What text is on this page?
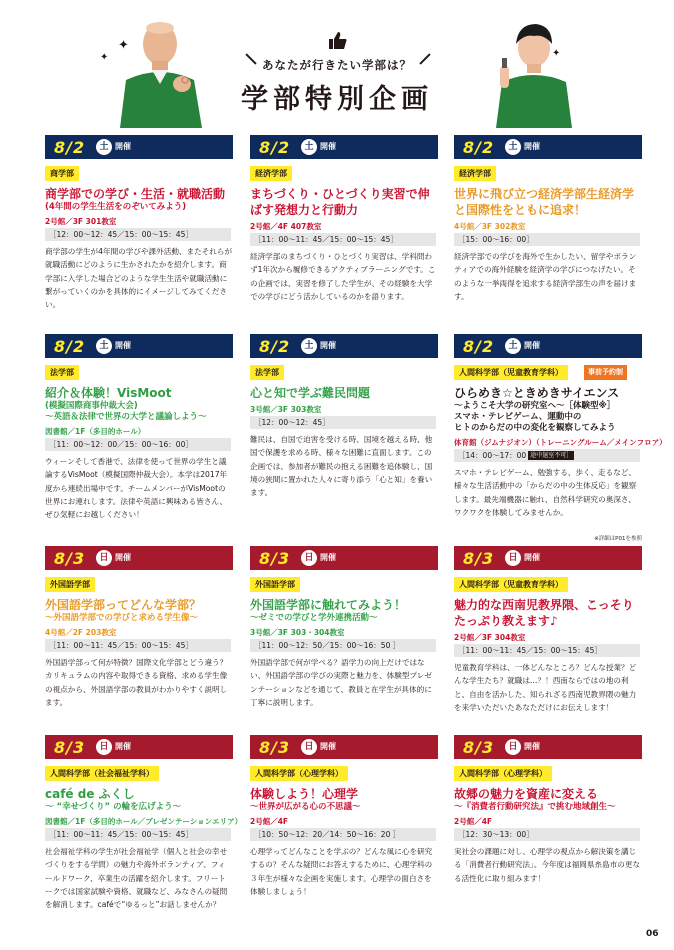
✦
✦	✦
あなたが行きたい学部は？
学部特別企画
8/2	土 開催
商学部
商学部での学び・生活・就職活動
(4年間の学生生活をのぞいてみよう)
2号館／3F 301教室
［12：00〜12：45／15：00〜15：45］
商学部の学生が4年間の学びや課外活動、またそれらが就職活動にどのように生かされたかを紹介します。商学部に入学した場合どのような学生生活や就職活動に繋がっていくのかを具体的にイメージしてみてください。
8/2	土 開催
経済学部
まちづくり・ひとづくり実習で伸ばす発想力と行動力
2号館／4F 407教室
［11：00〜11：45／15：00〜15：45］
経済学部のまちづくり・ひとづくり実習は、学科問わず1年次から履修できるアクティブラーニングです。この企画では、実習を修了した学生が、その経験を大学での学びにどう活かしているのかを語ります。
8/2	土 開催
経済学部
世界に飛び立つ経済学部生経済学と国際性をともに追求！
4号館／3F 302教室
［15：00〜16：00］
経済学部での学びを海外で生かしたい、留学やボランティアでの海外経験を経済学の学びにつなげたい。そのような一挙両得を追求する経済学部生の声を届けます。
8/2	土 開催
法学部
紹介＆体験！VisMoot
(模擬国際商事仲裁大会)
〜英語＆法律で世界の大学と議論しよう〜
図書館／1F（多目的ホール）
［11：00〜12：00／15：00〜16：00］
ウィーンそして香港で、法律を使って世界の学生と議論するVisMoot（模擬国際仲裁大会）。本学は2017年度から連続出場中です。チームメンバーがVisMootの世界にお連れします。法律や英語に興味ある皆さん、ぜひ気軽にお越しください！
8/2	土 開催
法学部
心と知で学ぶ難民問題
3号館／3F 303教室
［12：00〜12：45］
難民は、自国で迫害を受ける時、国境を越える時、他国で保護を求める時、様々な困難に直面します。この企画では、参加者が難民の抱える困難を追体験し、国境の狭間に置かれた人々に寄り添う「心と知」を養います。
8/2	土 開催
人間科学部（児童教育学科）	事前予約制
ひらめき☆ときめきサイエンス
〜ようこそ大学の研究室へ〜［体験型※］
スマホ・テレビゲーム、運動中の
ヒトのからだの中の変化を観察してみよう
体育館（ジムナジオン）（トレーニングルーム／メインフロア）
［14：00〜17：00 途中退室不可］
スマホ・テレビゲーム、勉強する、歩く、走るなど、様々な生活活動中の「からだの中の生体反応」を観察します。最先端機器に触れ、自然科学研究の奥深さ、ワクワクを体験してみませんか。
※詳細はP01を参照
8/3	日 開催
外国語学部
外国語学部ってどんな学部？
〜外国語学部での学びと求める学生像〜
4号館／2F 203教室
［11：00〜11：45／15：00〜15：45］
外国語学部って何が特徴？国際文化学部とどう違う？カリキュラムの内容や取得できる資格、求める学生像の視点から、外国語学部の教員がわかりやすく説明します。
8/3	日 開催
外国語学部
外国語学部に触れてみよう！
〜ゼミでの学びと学外連携活動〜
3号館／3F 303・304教室
［11：00〜12：50／15：00〜16：50 ］
外国語学部で何が学べる？語学力の向上だけではない、外国語学部の学びの実際と魅力を、体験型プレゼンテーションなどを通じて、教員と在学生が具体的に丁寧に説明します。
8/3	日 開催
人間科学部（児童教育学科）
魅力的な西南児教界隈、こっそりたっぷり教えます♪
2号館／3F 304教室
［11：00〜11：45／15：00〜15：45］
児童教育学科は、一体どんなところ？どんな授業？どんな学生たち？就職は…？！西南ならではの地の利と、自由を活かした、知られざる西南児教界隈の魅力を来学いただいたあなただけにお伝えします！
8/3	日 開催
人間科学部（社会福祉学科）
café de ふくし
〜 “幸せづくり” の輪を広げよう〜
図書館／1F（多目的ホール／プレゼンテーションエリア）
［11：00〜11：45／15：00〜15：45］
社会福祉学科の学生が社会福祉学（個人と社会の幸せづくりをする学問）の魅力や海外ボランティア、フィールドワーク、卒業生の活躍を紹介します。フリートークでは国家試験や資格、就職など、みなさんの疑問を解消します。caféで“ゆるっと”お話しませんか？
8/3	日 開催
人間科学部（心理学科）
体験しよう！心理学
〜世界が広がる心の不思議〜
2号館／4F
［10：50〜12：20／14：50〜16：20 ］
心理学ってどんなことを学ぶの？どんな風に心を研究するの？そんな疑問にお答えするために、心理学科の３年生が様々な企画を実施します。心理学の面白さを体験しましょう！
8/3	日 開催
人間科学部（心理学科）
故郷の魅力を資産に変える
〜『消費者行動研究法』で挑む地域創生〜
2号館／4F
［12：30〜13：00］
実社会の課題に対し、心理学の視点から解決策を講じる「消費者行動研究法」。今年度は福岡県糸島市の更なる活性化に取り組みます！
06
